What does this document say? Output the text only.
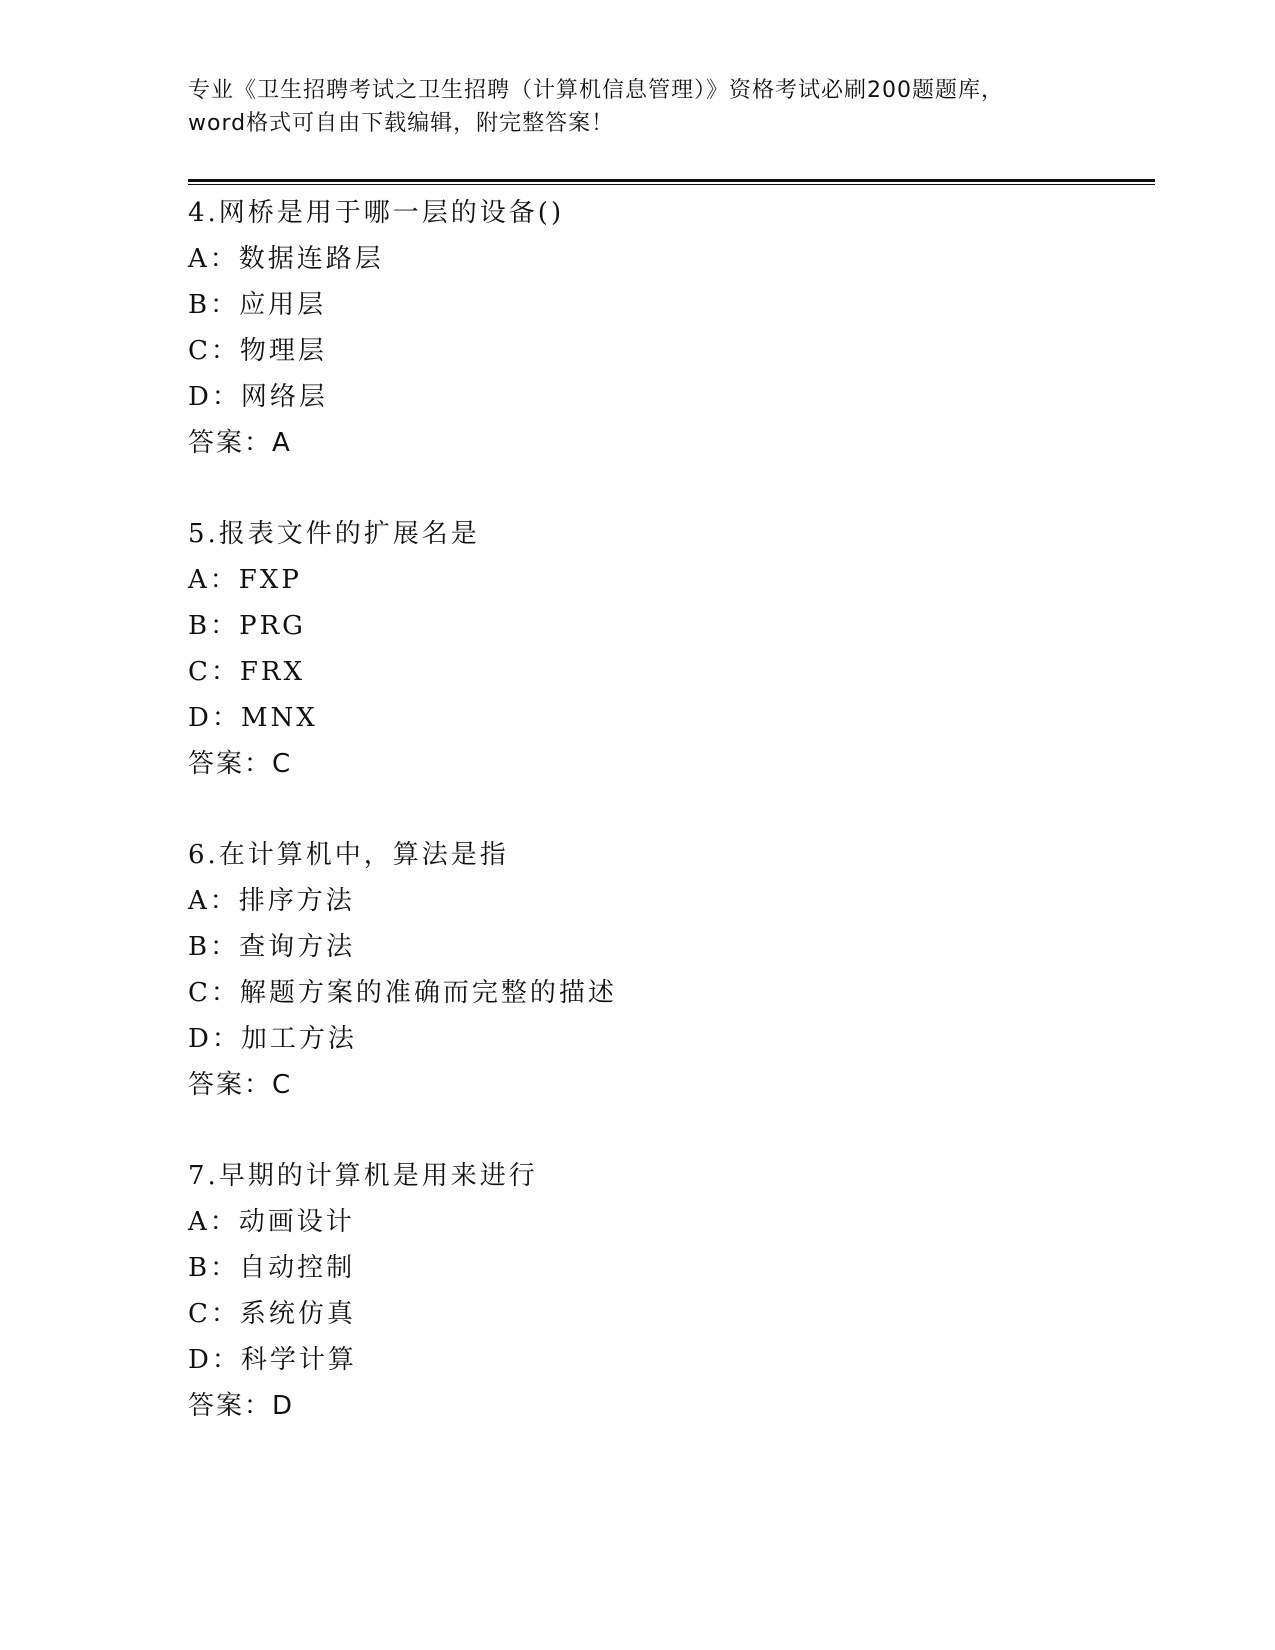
专业《卫生招聘考试之卫生招聘（计算机信息管理）》资格考试必刷200题题库，
word格式可自由下载编辑，附完整答案！
4.网桥是用于哪一层的设备()
A：数据连路层
B：应用层
C：物理层
D：网络层
答案：A
5.报表文件的扩展名是
A：FXP
B：PRG
C：FRX
D：MNX
答案：C
6.在计算机中，算法是指
A：排序方法
B：查询方法
C：解题方案的准确而完整的描述
D：加工方法
答案：C
7.早期的计算机是用来进行
A：动画设计
B：自动控制
C：系统仿真
D：科学计算
答案：D
